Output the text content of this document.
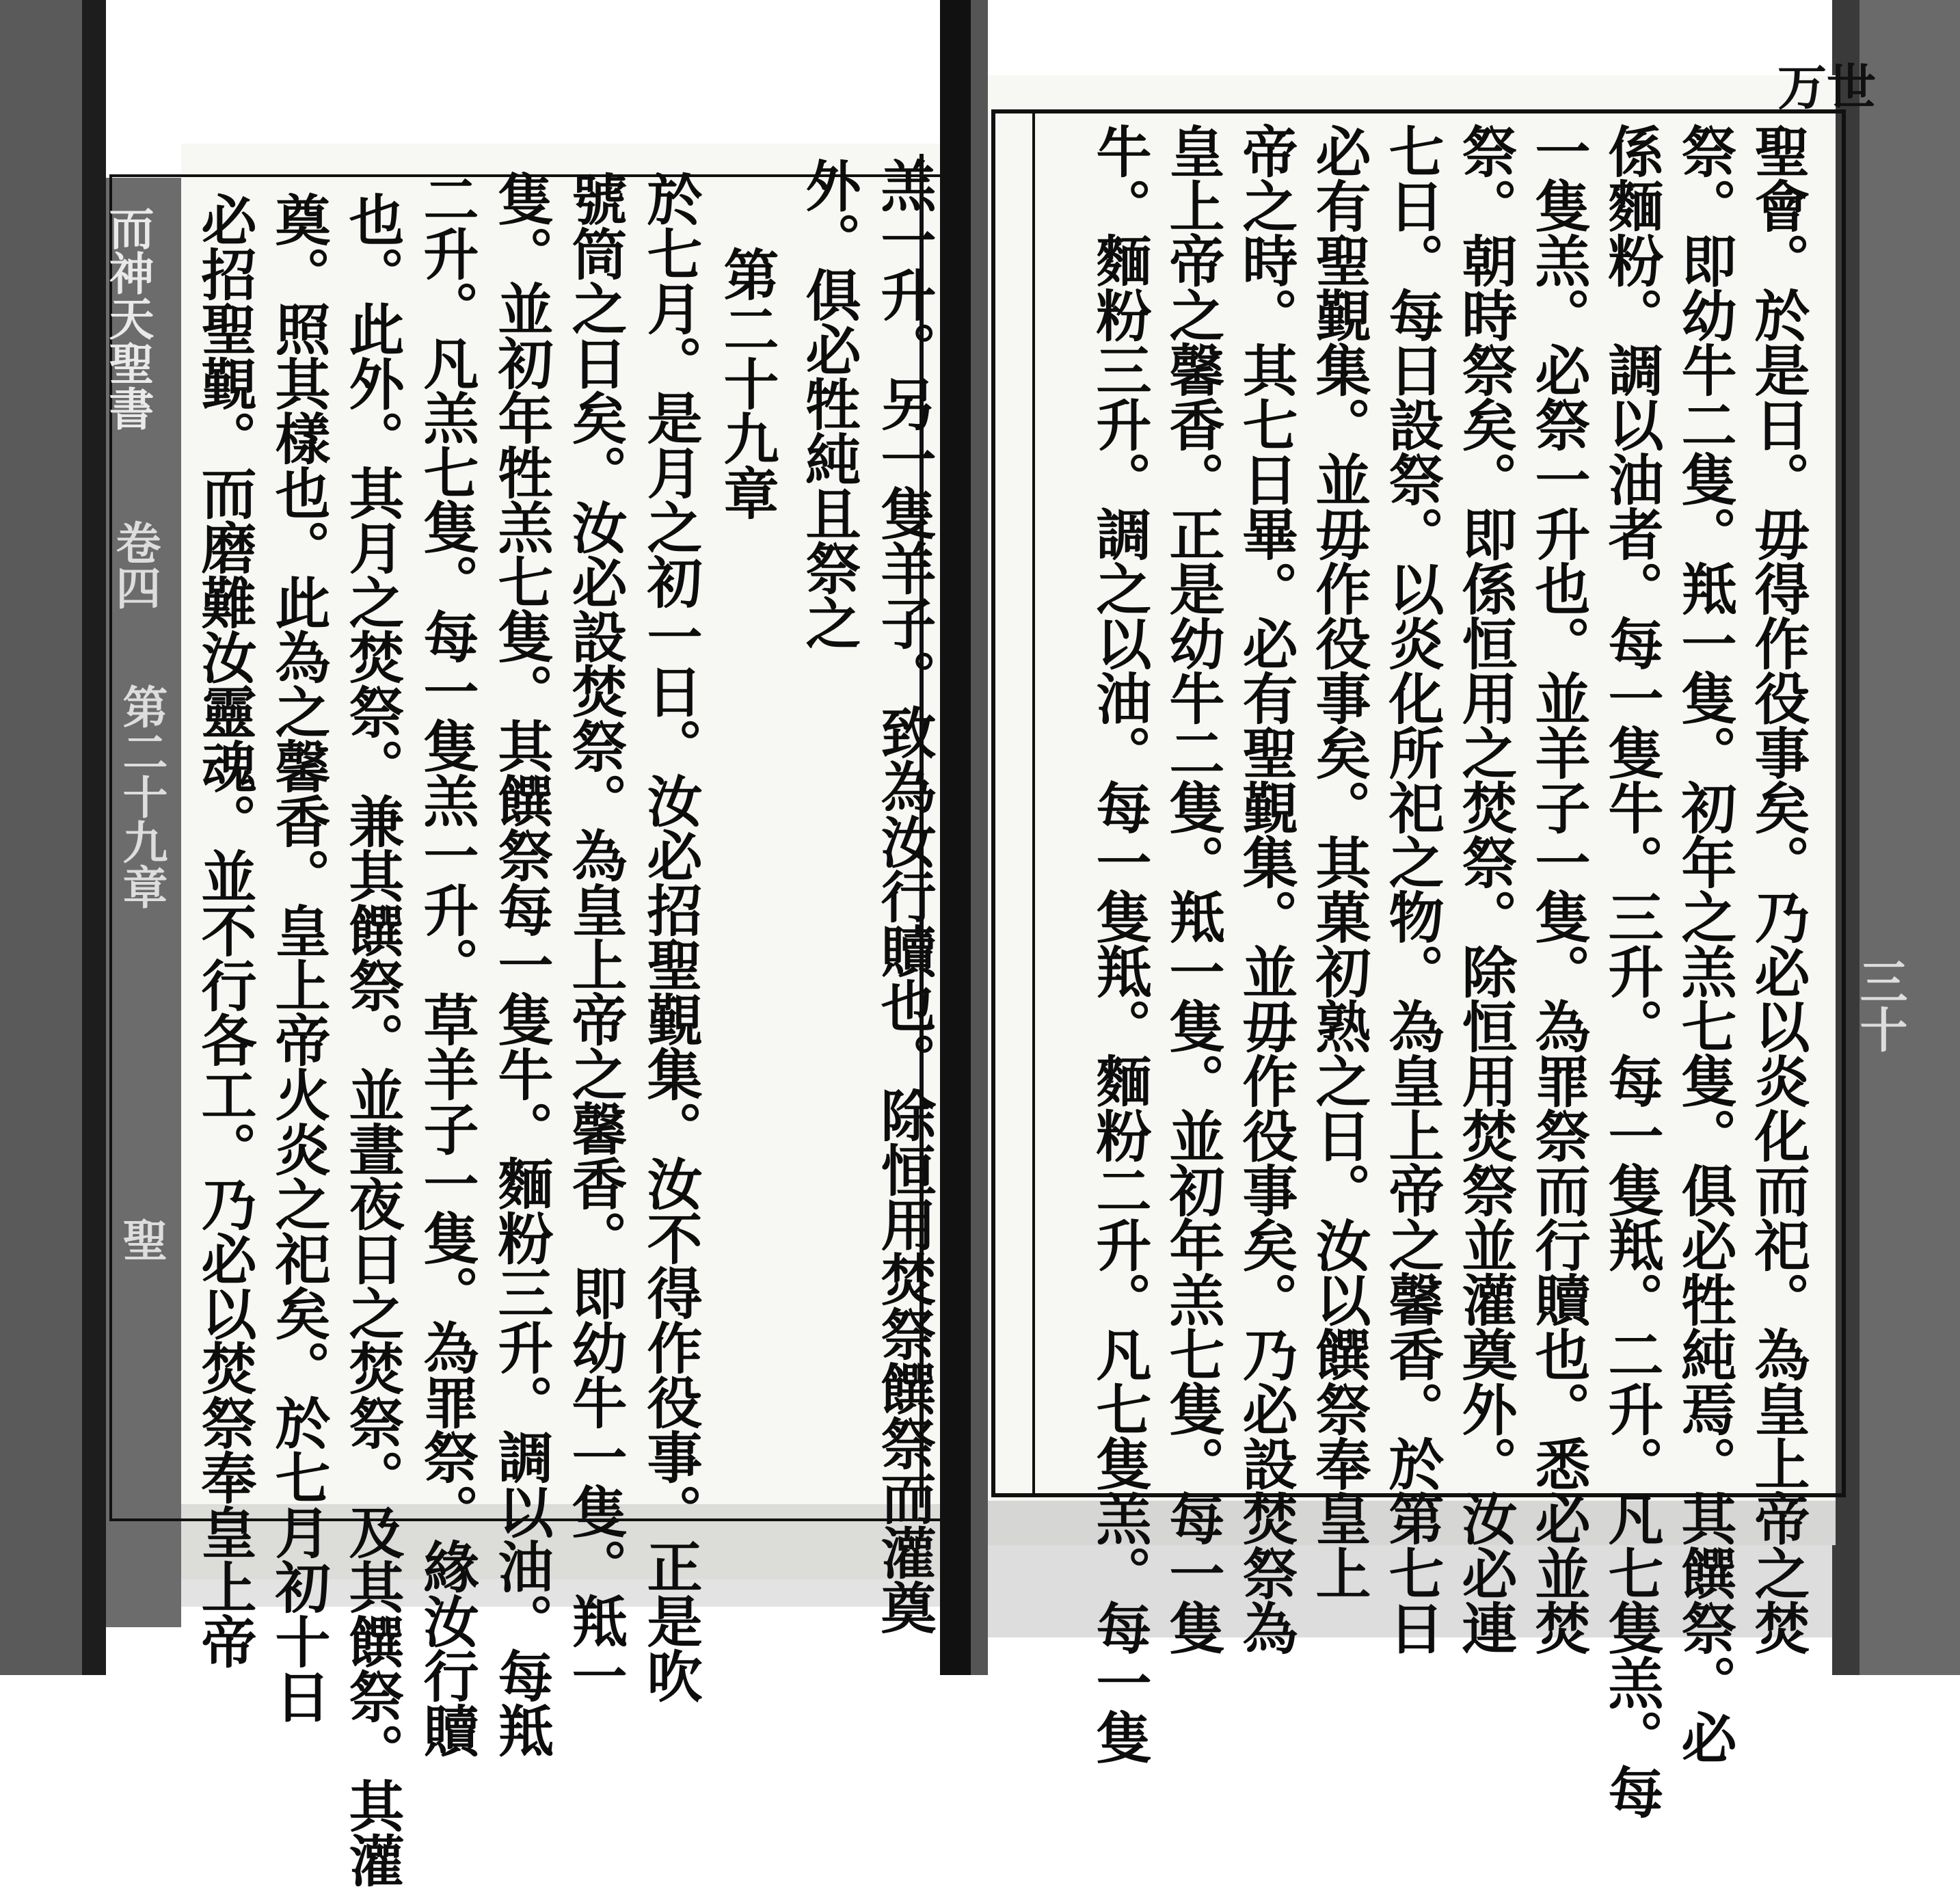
而神天聖書
卷四
第二十九章
聖	羔一升。另一隻羊子。致為汝行贖也。除恒用焚祭饌祭而灌奠
外。俱必牲純且祭之
第二十九章
於七月。是月之初一日。汝必招聖覲集。汝不得作役事。正是吹
號筒之日矣。汝必設焚祭。為皇上帝之馨香。即幼牛一隻。羝一
隻。並初年牲羔七隻。其饌祭每一隻牛。麵粉三升。調以油。每羝
二升。凡羔七隻。每一隻羔一升。草羊子一隻。為罪祭。緣汝行贖
也。此外。其月之焚祭。兼其饌祭。並晝夜日之焚祭。及其饌祭。其灌
奠。照其樣也。此為之馨香。皇上帝火炎之祀矣。於七月初十日
必招聖覲。而磨難汝靈魂。並不行各工。乃必以焚祭奉皇上帝
万世
三十
聖會。於是日。毋得作役事矣。乃必以炎化而祀。為皇上帝之焚
祭。即幼牛二隻。羝一隻。初年之羔七隻。俱必牲純焉。其饌祭。必
係麵粉。調以油者。每一隻牛。三升。每一隻羝。二升。凡七隻羔。每
一隻羔。必祭一升也。並羊子一隻。為罪祭而行贖也。悉必並焚
祭。朝時祭矣。即係恒用之焚祭。除恒用焚祭並灌奠外。汝必連
七日。每日設祭。以炎化所祀之物。為皇上帝之馨香。於第七日
必有聖覲集。並毋作役事矣。其菓初熟之日。汝以饌祭奉皇上
帝之時。其七日畢。必有聖覲集。並毋作役事矣。乃必設焚祭為
皇上帝之馨香。正是幼牛二隻。羝一隻。並初年羔七隻。每一隻
牛。麵粉三升。調之以油。每一隻羝。麵粉二升。凡七隻羔。每一隻
